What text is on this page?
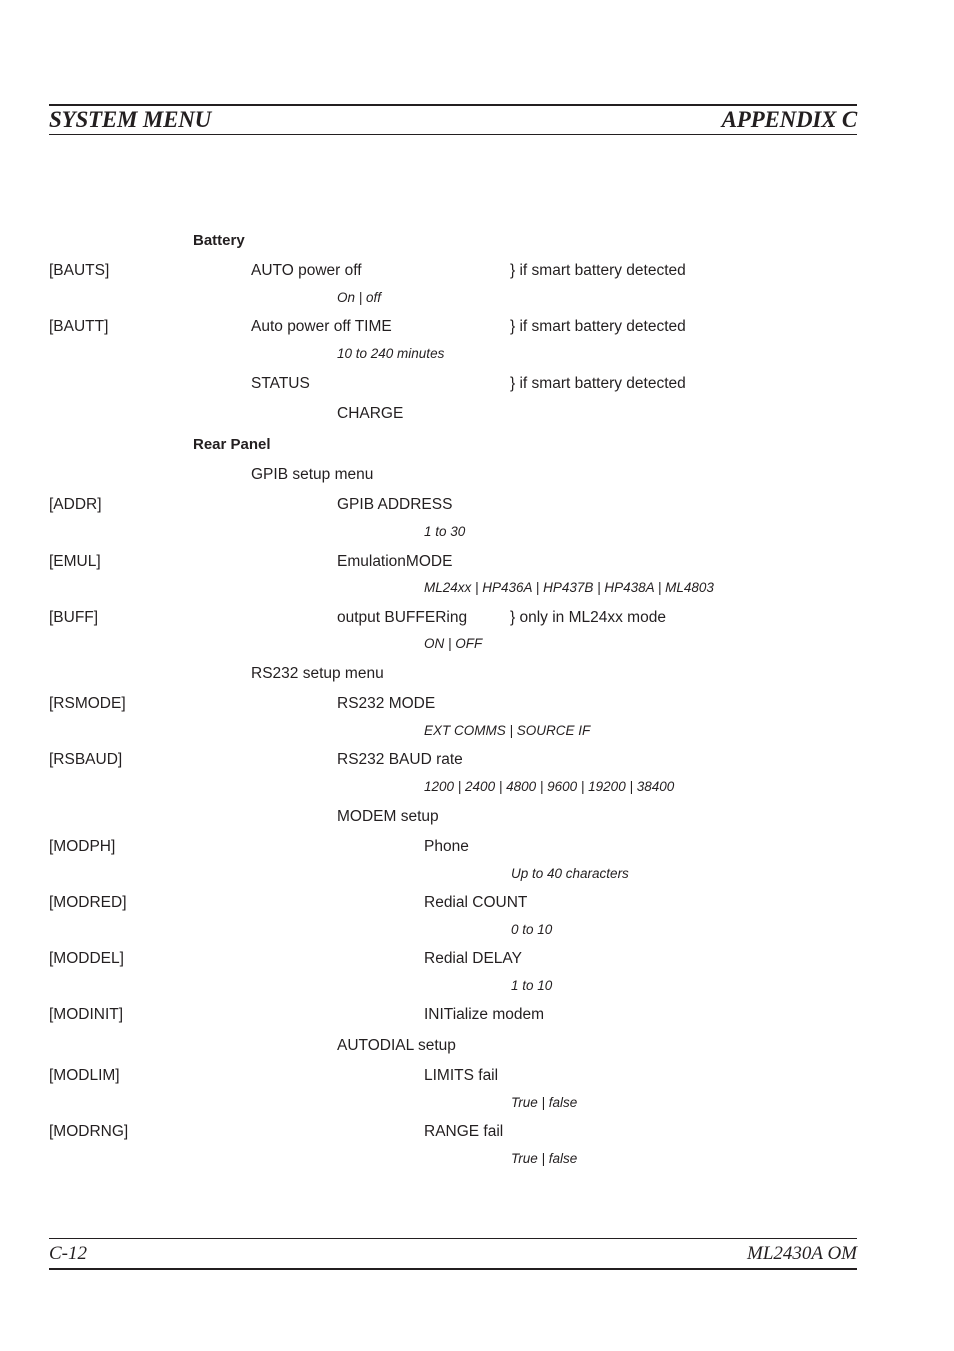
SYSTEM MENU	APPENDIX C
Battery
[BAUTS]	AUTO power off	} if smart battery detected
On | off
[BAUTT]	Auto power off TIME	} if smart battery detected
10 to 240 minutes
STATUS	} if smart battery detected
CHARGE
Rear Panel
GPIB setup menu
[ADDR]	GPIB ADDRESS
1 to 30
[EMUL]	EmulationMODE
ML24xx | HP436A | HP437B | HP438A | ML4803
[BUFF]	output BUFFERing	} only in ML24xx mode
ON | OFF
RS232 setup menu
[RSMODE]	RS232 MODE
EXT COMMS | SOURCE IF
[RSBAUD]	RS232 BAUD rate
1200 | 2400 | 4800 | 9600 | 19200 | 38400
MODEM setup
[MODPH]	Phone
Up to 40 characters
[MODRED]	Redial COUNT
0 to 10
[MODDEL]	Redial DELAY
1 to 10
[MODINIT]	INITialize modem
AUTODIAL setup
[MODLIM]	LIMITS fail
True | false
[MODRNG]	RANGE fail
True | false
C-12	ML2430A OM
